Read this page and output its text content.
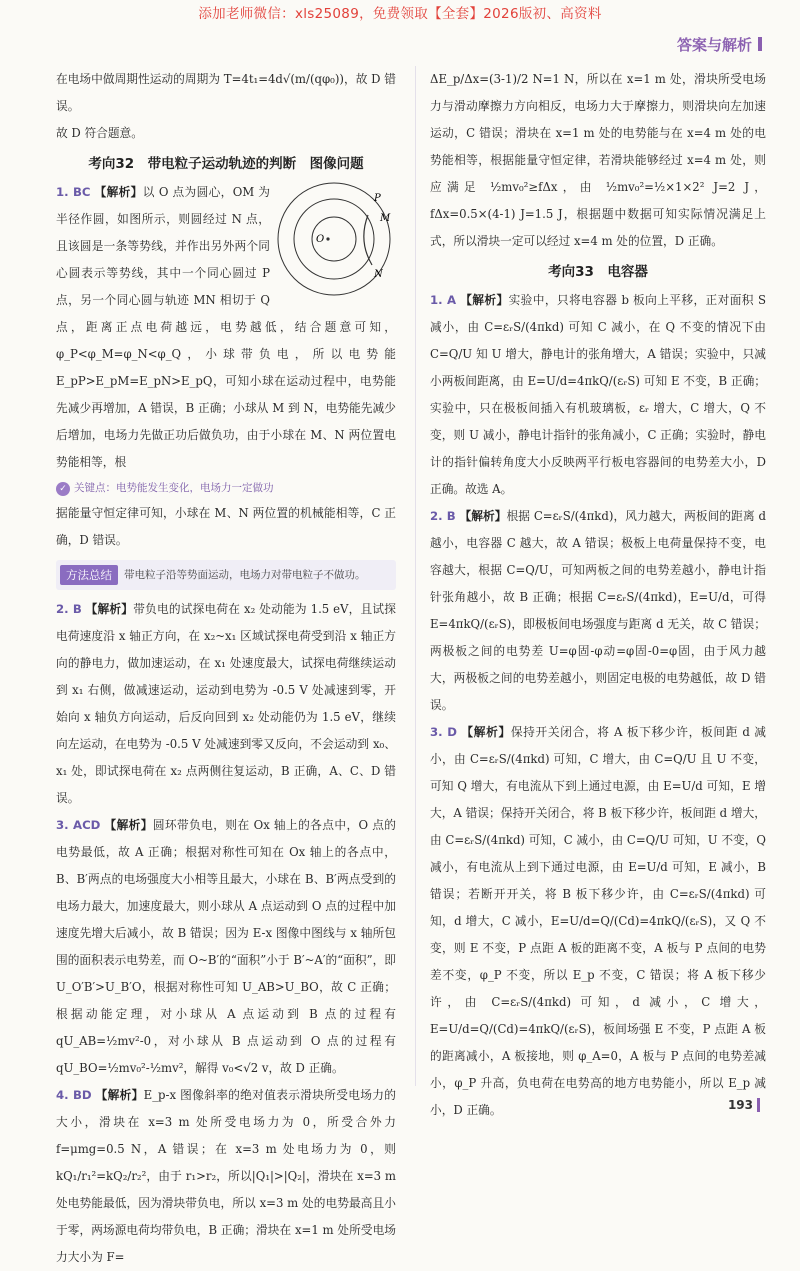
添加老师微信：xls25089，免费领取【全套】2026版初、高资料
答案与解析

在电场中做周期性运动的周期为 T=4t₁=4d√(m/(qφ₀))，故 D 错误。

故 D 符合题意。

考向32　带电粒子运动轨迹的判断　图像问题
O
P
M
N

1. BC 【解析】以 O 点为圆心，OM 为半径作圆，如图所示，则圆经过 N 点，且该圆是一条等势线，并作出另外两个同心圆表示等势线，其中一个同心圆过 P 点，另一个同心圆与轨迹 MN 相切于 Q 点，距离正点电荷越远，电势越低，结合题意可知，φ_P<φ_M=φ_N<φ_Q，小球带负电，所以电势能 E_pP>E_pM=E_pN>E_pQ，可知小球在运动过程中，电势能先减少再增加，A 错误，B 正确；小球从 M 到 N，电势能先减少后增加，电场力先做正功后做负功，由于小球在 M、N 两位置电势能相等，根

✓ 关键点：电势能发生变化，电场力一定做功

据能量守恒定律可知，小球在 M、N 两位置的机械能相等，C 正确，D 错误。

方法总结	带电粒子沿等势面运动，电场力对带电粒子不做功。

2. B 【解析】带负电的试探电荷在 x₂ 处动能为 1.5 eV，且试探电荷速度沿 x 轴正方向，在 x₂~x₁ 区域试探电荷受到沿 x 轴正方向的静电力，做加速运动，在 x₁ 处速度最大，试探电荷继续运动到 x₁ 右侧，做减速运动，运动到电势为 -0.5 V 处减速到零，开始向 x 轴负方向运动，后反向回到 x₂ 处动能仍为 1.5 eV，继续向左运动，在电势为 -0.5 V 处减速到零又反向，不会运动到 x₀、x₁ 处，即试探电荷在 x₂ 点两侧往复运动，B 正确，A、C、D 错误。

3. ACD 【解析】圆环带负电，则在 Ox 轴上的各点中，O 点的电势最低，故 A 正确；根据对称性可知在 Ox 轴上的各点中，B、B′两点的电场强度大小相等且最大，小球在 B、B′两点受到的电场力最大，加速度最大，则小球从 A 点运动到 O 点的过程中加速度先增大后减小，故 B 错误；因为 E-x 图像中图线与 x 轴所包围的面积表示电势差，而 O~B′的“面积”小于 B′~A′的“面积”，即 U_O′B′>U_B′O，根据对称性可知 U_AB>U_BO，故 C 正确；根据动能定理，对小球从 A 点运动到 B 点的过程有 qU_AB=½mv²-0，对小球从 B 点运动到 O 点的过程有 qU_BO=½mv₀²-½mv²，解得 v₀<√2 v，故 D 正确。

4. BD 【解析】E_p-x 图像斜率的绝对值表示滑块所受电场力的大小，滑块在 x=3 m 处所受电场力为 0，所受合外力 f=μmg=0.5 N，A 错误；在 x=3 m 处电场力为 0，则 kQ₁/r₁²=kQ₂/r₂²，由于 r₁>r₂，所以|Q₁|>|Q₂|，滑块在 x=3 m 处电势能最低，因为滑块带负电，所以 x=3 m 处的电势最高且小于零，两场源电荷均带负电，B 正确；滑块在 x=1 m 处所受电场力大小为 F=

ΔE_p/Δx=(3-1)/2 N=1 N，所以在 x=1 m 处，滑块所受电场力与滑动摩擦力方向相反，电场力大于摩擦力，则滑块向左加速运动，C 错误；滑块在 x=1 m 处的电势能与在 x=4 m 处的电势能相等，根据能量守恒定律，若滑块能够经过 x=4 m 处，则应满足 ½mv₀²≥fΔx，由 ½mv₀²=½×1×2² J=2 J，fΔx=0.5×(4-1) J=1.5 J，根据题中数据可知实际情况满足上式，所以滑块一定可以经过 x=4 m 处的位置，D 正确。

考向33　电容器

1. A 【解析】实验中，只将电容器 b 板向上平移，正对面积 S 减小，由 C=εᵣS/(4πkd) 可知 C 减小，在 Q 不变的情况下由 C=Q/U 知 U 增大，静电计的张角增大，A 错误；实验中，只减小两板间距离，由 E=U/d=4πkQ/(εᵣS) 可知 E 不变，B 正确；实验中，只在极板间插入有机玻璃板，εᵣ 增大，C 增大，Q 不变，则 U 减小，静电计指针的张角减小，C 正确；实验时，静电计的指针偏转角度大小反映两平行板电容器间的电势差大小，D 正确。故选 A。

2. B 【解析】根据 C=εᵣS/(4πkd)，风力越大，两板间的距离 d 越小，电容器 C 越大，故 A 错误；极板上电荷量保持不变，电容越大，根据 C=Q/U，可知两板之间的电势差越小，静电计指针张角越小，故 B 正确；根据 C=εᵣS/(4πkd)，E=U/d，可得 E=4πkQ/(εᵣS)，即极板间电场强度与距离 d 无关，故 C 错误；两极板之间的电势差 U=φ固-φ动=φ固-0=φ固，由于风力越大，两极板之间的电势差越小，则固定电极的电势越低，故 D 错误。

3. D 【解析】保持开关闭合，将 A 板下移少许，板间距 d 减小，由 C=εᵣS/(4πkd) 可知，C 增大，由 C=Q/U 且 U 不变，可知 Q 增大，有电流从下到上通过电源，由 E=U/d 可知，E 增大，A 错误；保持开关闭合，将 B 板下移少许，板间距 d 增大，由 C=εᵣS/(4πkd) 可知，C 减小，由 C=Q/U 可知，U 不变，Q 减小，有电流从上到下通过电源，由 E=U/d 可知，E 减小，B 错误；若断开开关，将 B 板下移少许，由 C=εᵣS/(4πkd) 可知，d 增大，C 减小，E=U/d=Q/(Cd)=4πkQ/(εᵣS)，又 Q 不变，则 E 不变，P 点距 A 板的距离不变，A 板与 P 点间的电势差不变，φ_P 不变，所以 E_p 不变，C 错误；将 A 板下移少许，由 C=εᵣS/(4πkd) 可知，d 减小，C 增大，E=U/d=Q/(Cd)=4πkQ/(εᵣS)，板间场强 E 不变，P 点距 A 板的距离减小，A 板接地，则 φ_A=0，A 板与 P 点间的电势差减小，φ_P 升高，负电荷在电势高的地方电势能小，所以 E_p 减小，D 正确。	193
